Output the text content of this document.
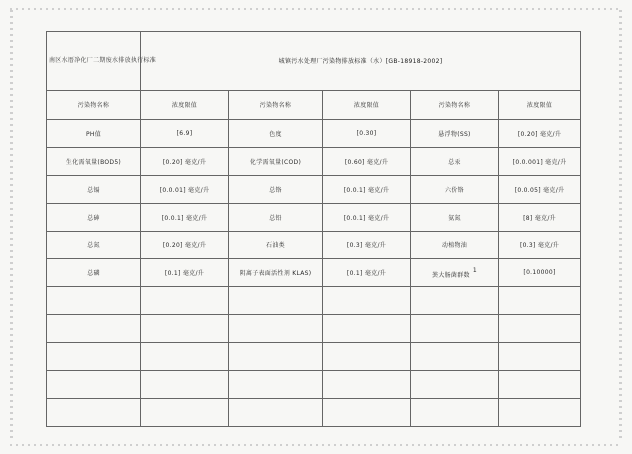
南区水厝净化厂二期废水排放执行标准	城镇污水处理厂污染物排放标准（水）[GB-18918-2002]				
污染物名称	浓度限值	污染物名称	浓度限值	污染物名称	浓度限值
PH值	[6.9]	色度	[0.30]	悬浮物(SS)	[0.20] 毫克/升
生化需氧量(BOD5)	[0.20] 毫克/升	化学需氧量(COD)	[0.60] 毫克/升	总汞	[0.0.001] 毫克/升
总镉	[0.0.01] 毫克/升	总铬	[0.0.1] 毫克/升	六价铬	[0.0.05] 毫克/升
总砷	[0.0.1] 毫克/升	总铅	[0.0.1] 毫克/升	氨氮	[8] 毫克/升
总氮	[0.20] 毫克/升	石油类	[0.3] 毫克/升	动植物油	[0.3] 毫克/升
总磷	[0.1] 毫克/升	阴离子表面活性剂 KLAS)	[0.1] 毫克/升	粪大肠菌群数$^1$	[0.10000]
